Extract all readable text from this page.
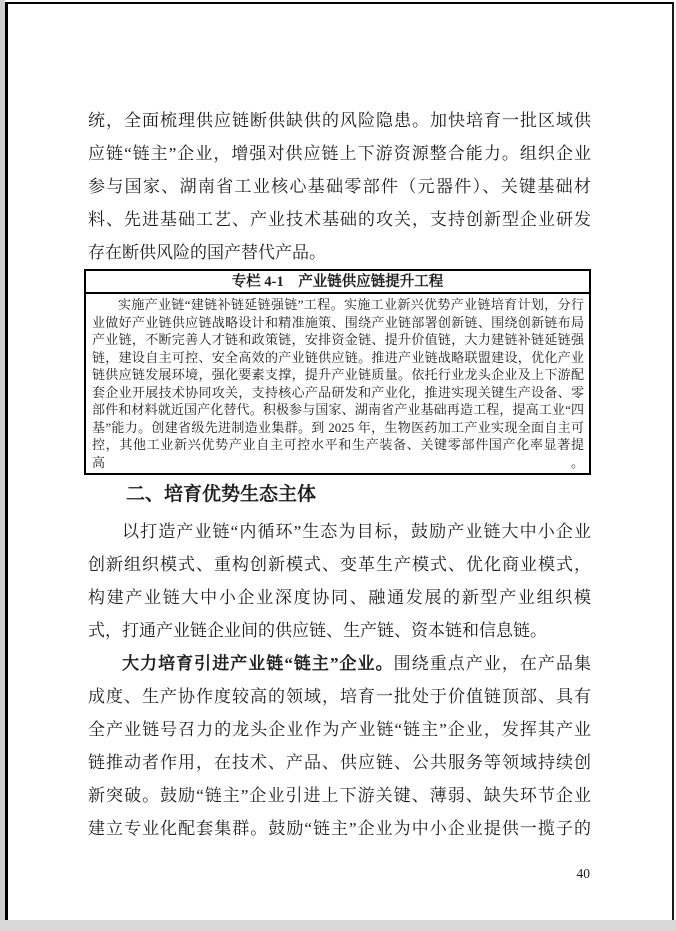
统，全面梳理供应链断供缺供的风险隐患。加快培育一批区域供
应链“链主”企业，增强对供应链上下游资源整合能力。组织企业
参与国家、湖南省工业核心基础零部件（元器件）、关键基础材
料、先进基础工艺、产业技术基础的攻关，支持创新型企业研发
存在断供风险的国产替代产品。
专栏 4-1　产业链供应链提升工程
实施产业链“建链补链延链强链”工程。实施工业新兴优势产业链培育计划，分行
业做好产业链供应链战略设计和精准施策、围绕产业链部署创新链、围绕创新链布局
产业链，不断完善人才链和政策链，安排资金链、提升价值链，大力建链补链延链强
链，建设自主可控、安全高效的产业链供应链。推进产业链战略联盟建设，优化产业
链供应链发展环境，强化要素支撑，提升产业链质量。依托行业龙头企业及上下游配
套企业开展技术协同攻关，支持核心产品研发和产业化，推进实现关键生产设备、零
部件和材料就近国产化替代。积极参与国家、湖南省产业基础再造工程，提高工业“四
基”能力。创建省级先进制造业集群。到 2025 年，生物医药加工产业实现全面自主可
控，其他工业新兴优势产业自主可控水平和生产装备、关键零部件国产化率显著提高。
二、培育优势生态主体
以打造产业链“内循环”生态为目标，鼓励产业链大中小企业
创新组织模式、重构创新模式、变革生产模式、优化商业模式，
构建产业链大中小企业深度协同、融通发展的新型产业组织模
式，打通产业链企业间的供应链、生产链、资本链和信息链。
大力培育引进产业链“链主”企业。围绕重点产业，在产品集
成度、生产协作度较高的领域，培育一批处于价值链顶部、具有
全产业链号召力的龙头企业作为产业链“链主”企业，发挥其产业
链推动者作用，在技术、产品、供应链、公共服务等领域持续创
新突破。鼓励“链主”企业引进上下游关键、薄弱、缺失环节企业
建立专业化配套集群。鼓励“链主”企业为中小企业提供一揽子的
40
